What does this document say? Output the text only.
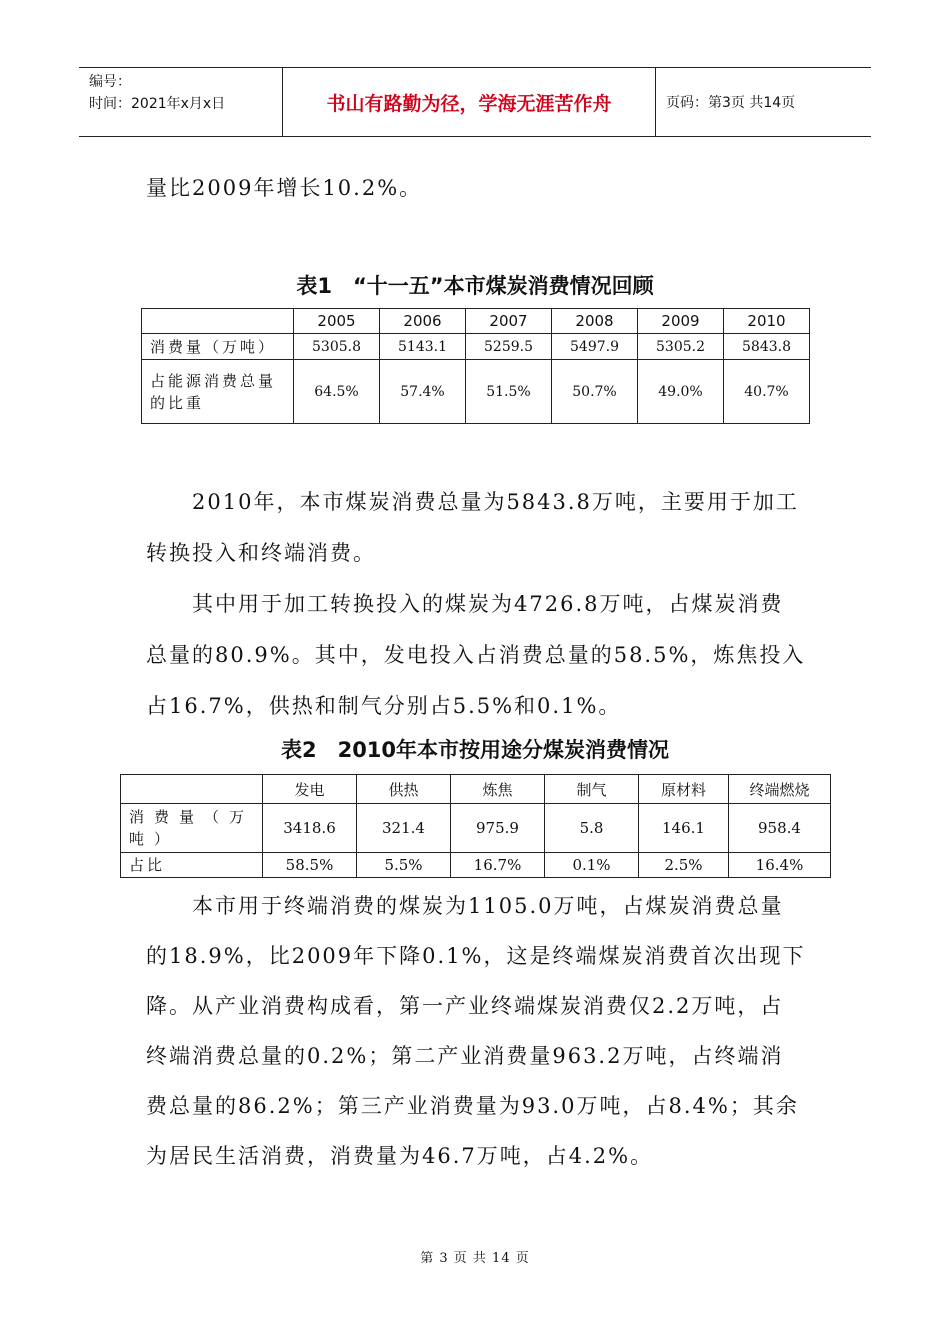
编号：
时间：2021年x月x日	书山有路勤为径，学海无涯苦作舟	页码：第3页 共14页

量比2009年增长10.2%。

表1　“十一五”本市煤炭消费情况回顾
	2005	2006	2007	2008	2009	2010
消费量（万吨）	5305.8	5143.1	5259.5	5497.9	5305.2	5843.8
占能源消费总量的比重	64.5%	57.4%	51.5%	50.7%	49.0%	40.7%

2010年，本市煤炭消费总量为5843.8万吨，主要用于加工转换投入和终端消费。

其中用于加工转换投入的煤炭为4726.8万吨，占煤炭消费总量的80.9%。其中，发电投入占消费总量的58.5%，炼焦投入占16.7%，供热和制气分别占5.5%和0.1%。

表2　2010年本市按用途分煤炭消费情况
	发电	供热	炼焦	制气	原材料	终端燃烧
消费量（万吨）	3418.6	321.4	975.9	5.8	146.1	958.4
占比	58.5%	5.5%	16.7%	0.1%	2.5%	16.4%

本市用于终端消费的煤炭为1105.0万吨，占煤炭消费总量的18.9%，比2009年下降0.1%，这是终端煤炭消费首次出现下降。从产业消费构成看，第一产业终端煤炭消费仅2.2万吨，占终端消费总量的0.2%；第二产业消费量963.2万吨，占终端消费总量的86.2%；第三产业消费量为93.0万吨，占8.4%；其余为居民生活消费，消费量为46.7万吨，占4.2%。

第 3 页 共 14 页
